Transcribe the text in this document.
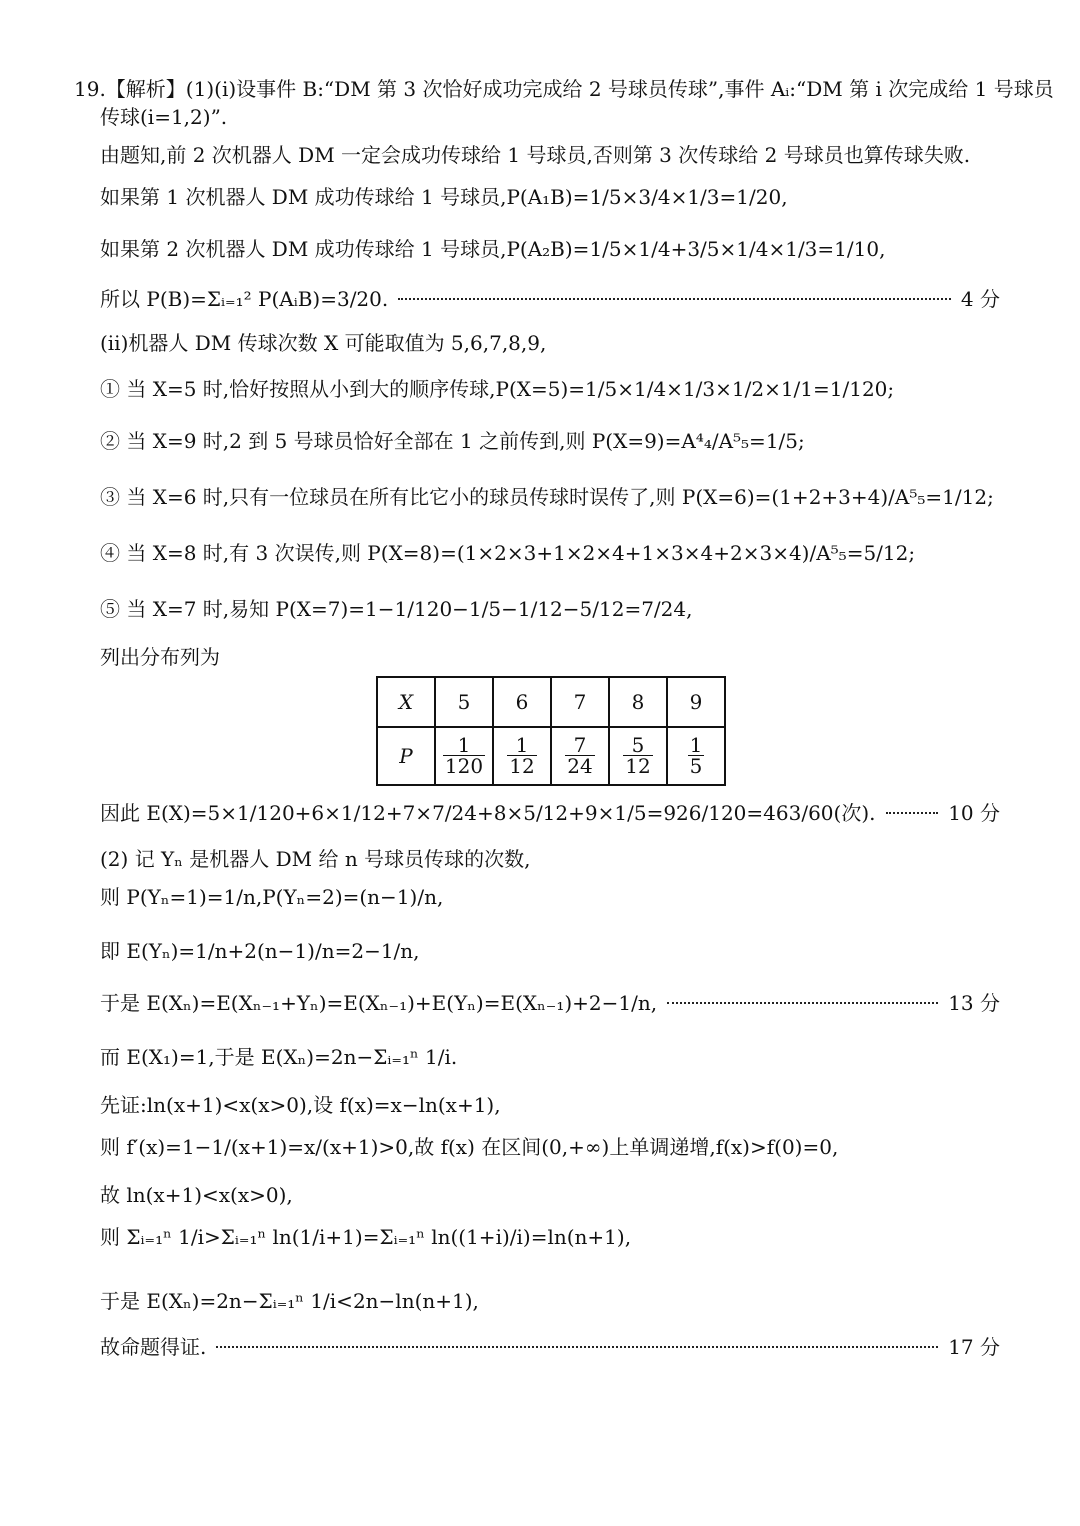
19.【解析】(1)(ⅰ)设事件 B:“DM 第 3 次恰好成功完成给 2 号球员传球”,事件 Aᵢ:“DM 第 i 次完成给 1 号球员
传球(i=1,2)”.
由题知,前 2 次机器人 DM 一定会成功传球给 1 号球员,否则第 3 次传球给 2 号球员也算传球失败.
如果第 1 次机器人 DM 成功传球给 1 号球员,P(A₁B)=1/5×3/4×1/3=1/20,
如果第 2 次机器人 DM 成功传球给 1 号球员,P(A₂B)=1/5×1/4+3/5×1/4×1/3=1/10,
所以 P(B)=Σᵢ₌₁² P(AᵢB)=3/20.	4 分
(ⅱ)机器人 DM 传球次数 X 可能取值为 5,6,7,8,9,
① 当 X=5 时,恰好按照从小到大的顺序传球,P(X=5)=1/5×1/4×1/3×1/2×1/1=1/120;
② 当 X=9 时,2 到 5 号球员恰好全部在 1 之前传到,则 P(X=9)=A⁴₄/A⁵₅=1/5;
③ 当 X=6 时,只有一位球员在所有比它小的球员传球时误传了,则 P(X=6)=(1+2+3+4)/A⁵₅=1/12;
④ 当 X=8 时,有 3 次误传,则 P(X=8)=(1×2×3+1×2×4+1×3×4+2×3×4)/A⁵₅=5/12;
⑤ 当 X=7 时,易知 P(X=7)=1−1/120−1/5−1/12−5/12=7/24,
列出分布列为
因此 E(X)=5×1/120+6×1/12+7×7/24+8×5/12+9×1/5=926/120=463/60(次).	10 分
(2) 记 Yₙ 是机器人 DM 给 n 号球员传球的次数,
则 P(Yₙ=1)=1/n,P(Yₙ=2)=(n−1)/n,
即 E(Yₙ)=1/n+2(n−1)/n=2−1/n,
于是 E(Xₙ)=E(Xₙ₋₁+Yₙ)=E(Xₙ₋₁)+E(Yₙ)=E(Xₙ₋₁)+2−1/n,	13 分
而 E(X₁)=1,于是 E(Xₙ)=2n−Σᵢ₌₁ⁿ 1/i.
先证:ln(x+1)<x(x>0),设 f(x)=x−ln(x+1),
则 f′(x)=1−1/(x+1)=x/(x+1)>0,故 f(x) 在区间(0,+∞)上单调递增,f(x)>f(0)=0,
故 ln(x+1)<x(x>0),
则 Σᵢ₌₁ⁿ 1/i>Σᵢ₌₁ⁿ ln(1/i+1)=Σᵢ₌₁ⁿ ln((1+i)/i)=ln(n+1),
于是 E(Xₙ)=2n−Σᵢ₌₁ⁿ 1/i<2n−ln(n+1),
故命题得证.	17 分
X	5	6	7	8	9
P	$\frac{1}{120}$	$\frac{1}{12}$	$\frac{7}{24}$	$\frac{5}{12}$	$\frac{1}{5}$
